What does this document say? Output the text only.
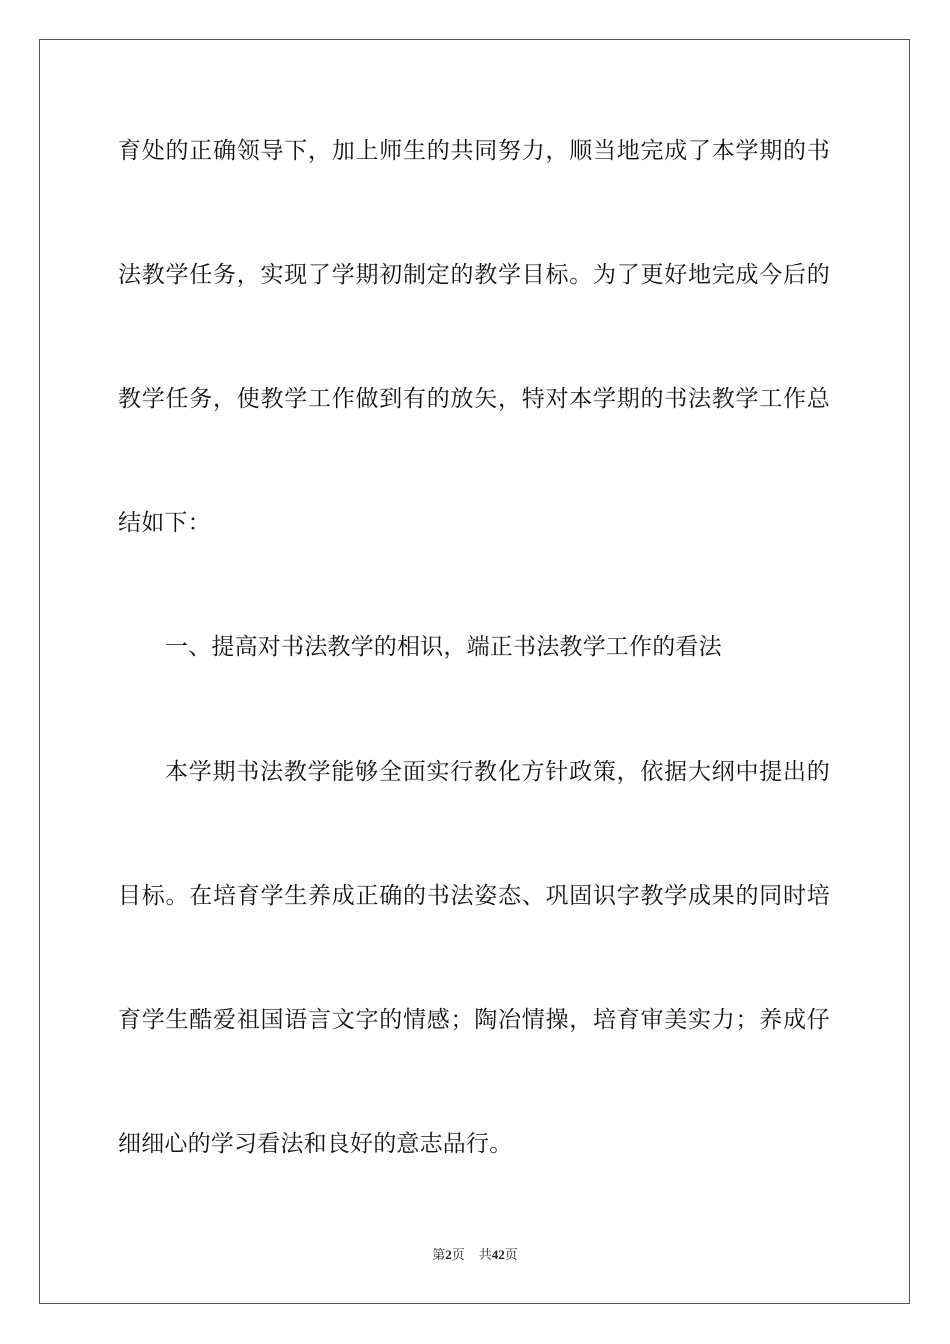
育处的正确领导下，加上师生的共同努力，顺当地完成了本学期的书
法教学任务，实现了学期初制定的教学目标。为了更好地完成今后的
教学任务，使教学工作做到有的放矢，特对本学期的书法教学工作总
结如下：
一、提高对书法教学的相识，端正书法教学工作的看法
本学期书法教学能够全面实行教化方针政策，依据大纲中提出的
目标。在培育学生养成正确的书法姿态、巩固识字教学成果的同时培
育学生酷爱祖国语言文字的情感；陶冶情操，培育审美实力；养成仔
细细心的学习看法和良好的意志品行。
第2页 共42页
